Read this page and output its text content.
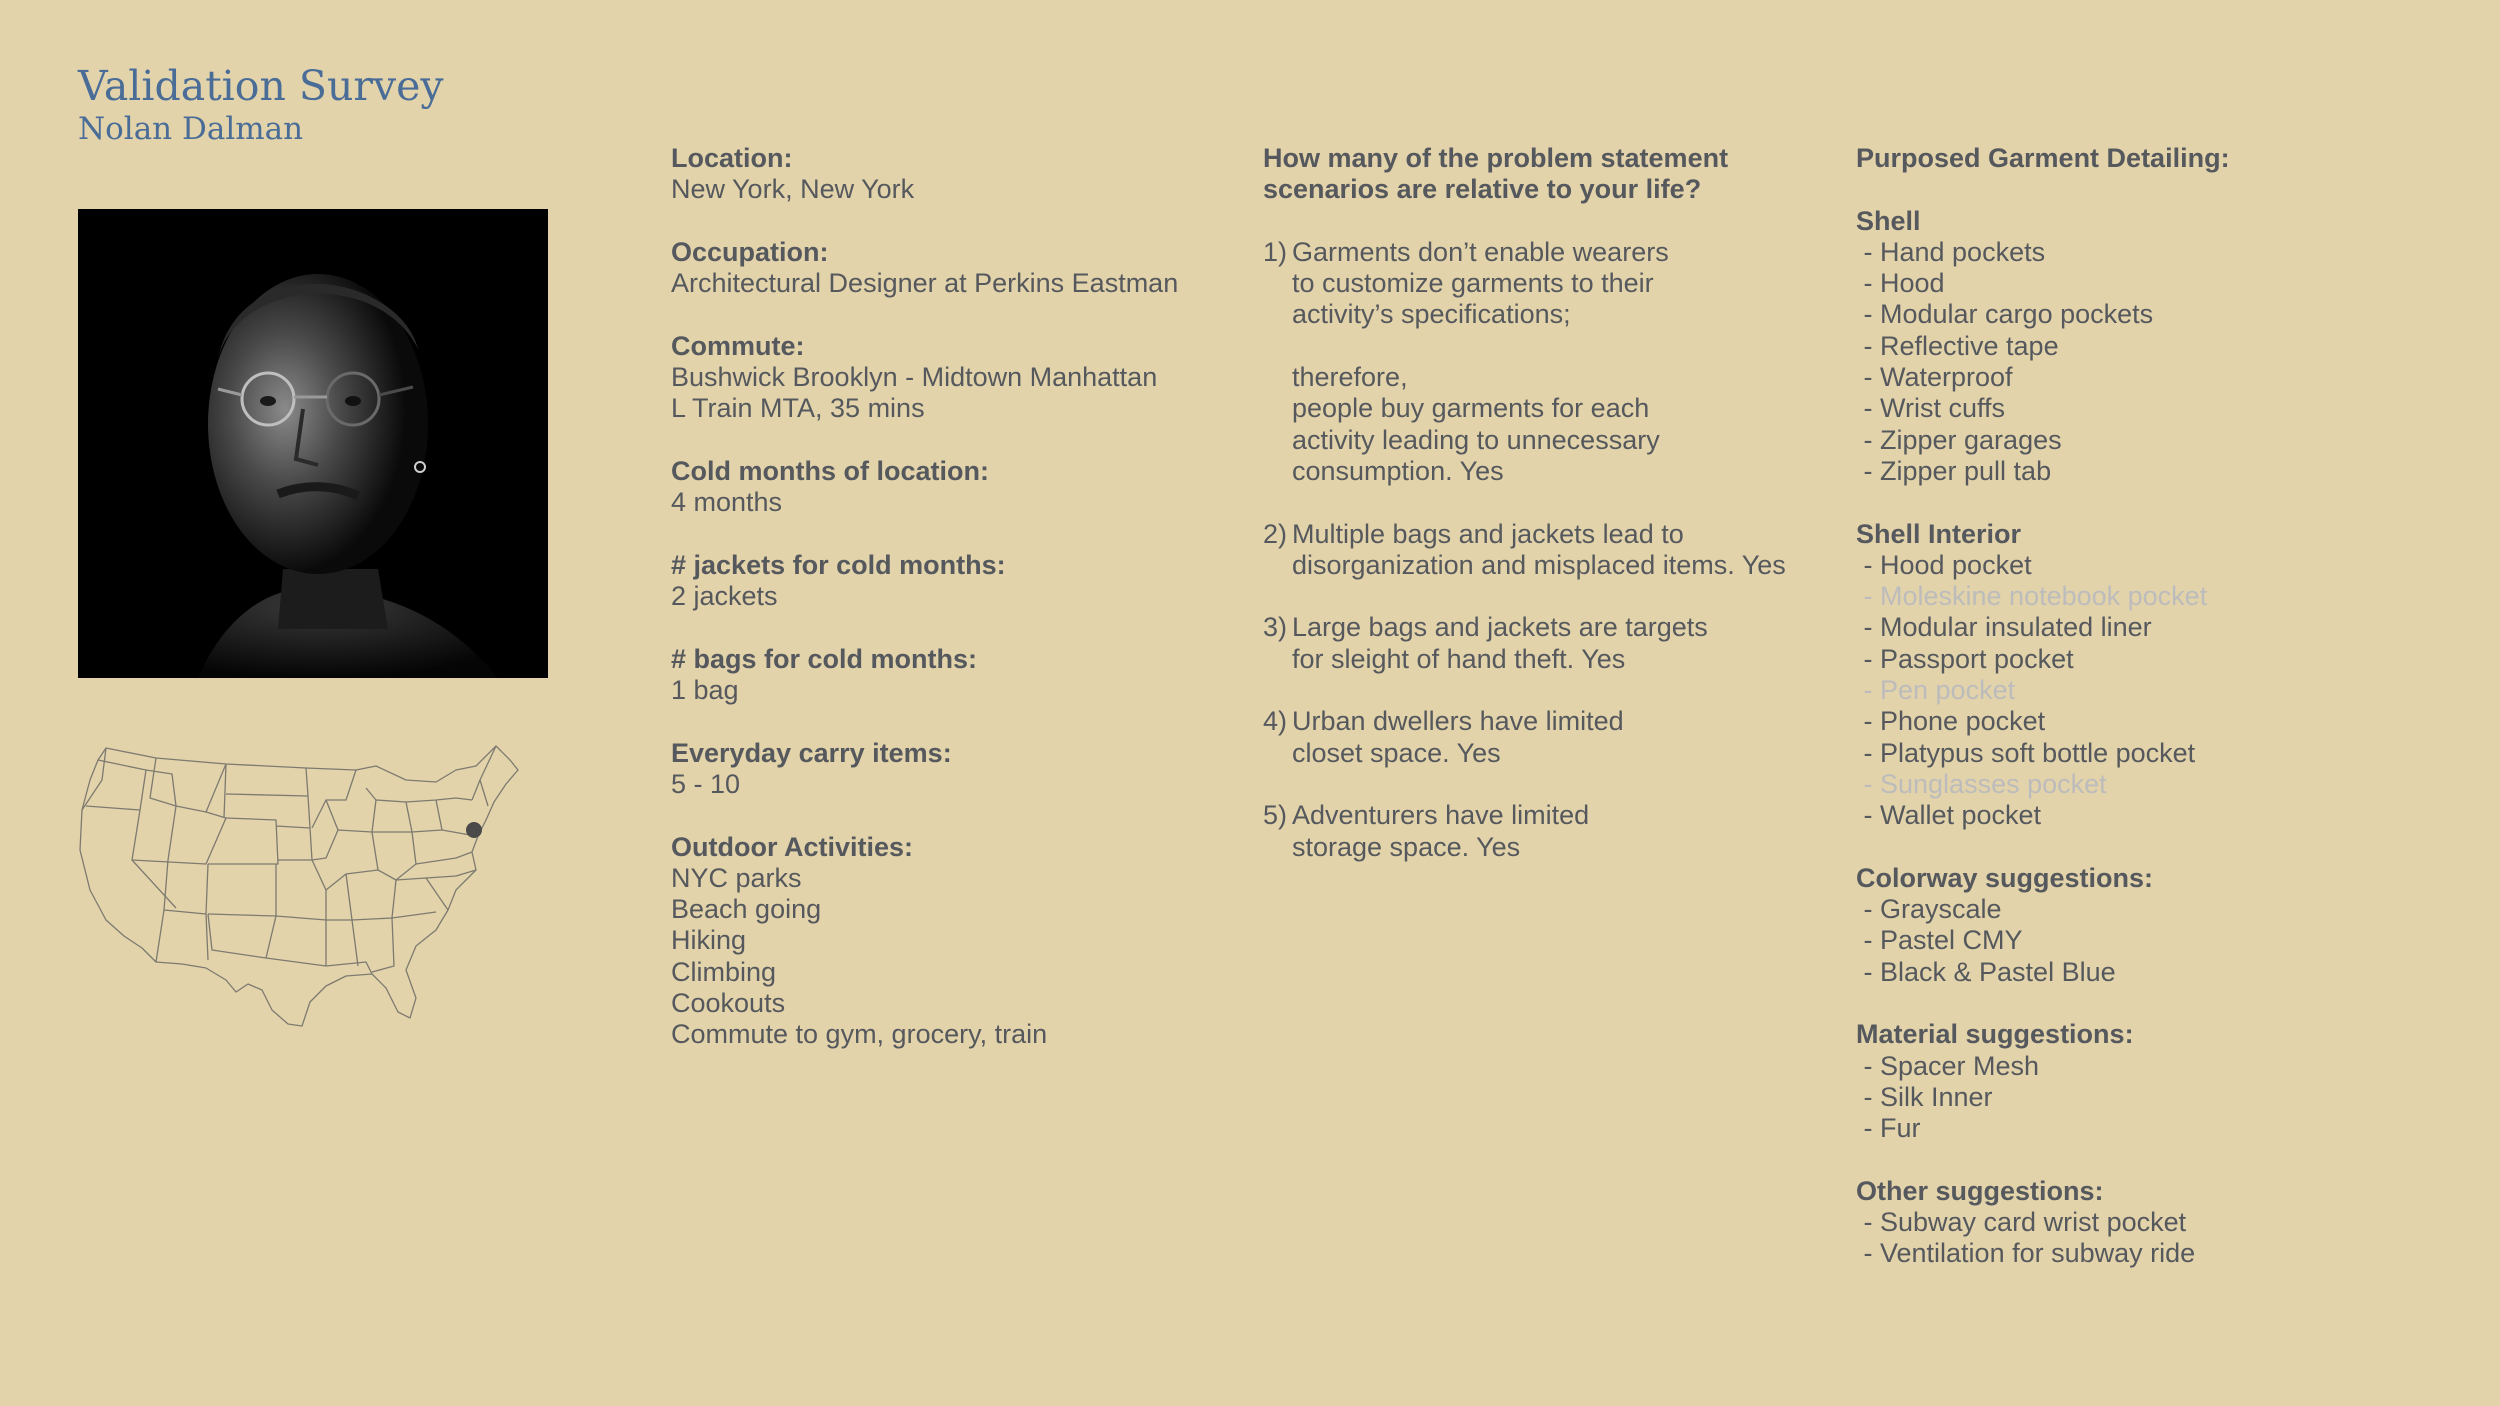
Validation Survey
Nolan Dalman
Location:
New York, New York
Occupation:
Architectural Designer at Perkins Eastman
Commute:
Bushwick Brooklyn - Midtown Manhattan
L Train MTA, 35 mins
Cold months of location:
4 months
# jackets for cold months:
2 jackets
# bags for cold months:
1 bag
Everyday carry items:
5 - 10
Outdoor Activities:
NYC parks
Beach going
Hiking
Climbing
Cookouts
Commute to gym, grocery, train
How many of the problem statement
scenarios are relative to your life?
1) Garments don’t enable wearers
to customize garments to their
activity’s specifications;

therefore,
people buy garments for each
activity leading to unnecessary
consumption. Yes
2) Multiple bags and jackets lead to
disorganization and misplaced items. Yes
3) Large bags and jackets are targets
for sleight of hand theft. Yes
4) Urban dwellers have limited
closet space. Yes
5) Adventurers have limited
storage space. Yes
Purposed Garment Detailing:
Shell
- Hand pockets
- Hood
- Modular cargo pockets
- Reflective tape
- Waterproof
- Wrist cuffs
- Zipper garages
- Zipper pull tab
Shell Interior
- Hood pocket
- Moleskine notebook pocket
- Modular insulated liner
- Passport pocket
- Pen pocket
- Phone pocket
- Platypus soft bottle pocket
- Sunglasses pocket
- Wallet pocket
Colorway suggestions:
- Grayscale
- Pastel CMY
- Black & Pastel Blue
Material suggestions:
- Spacer Mesh
- Silk Inner
- Fur
Other suggestions:
- Subway card wrist pocket
- Ventilation for subway ride
